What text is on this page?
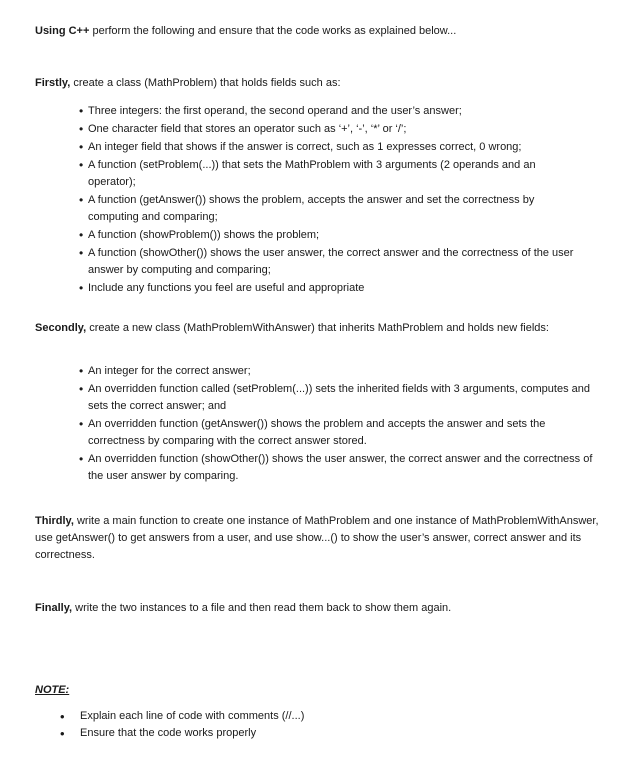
Using C++ perform the following and ensure that the code works as explained below...

Firstly, create a class (MathProblem) that holds fields such as:

• Three integers: the first operand, the second operand and the user’s answer;
• One character field that stores an operator such as ‘+’, ‘-’, ‘*’ or ‘/’;
• An integer field that shows if the answer is correct, such as 1 expresses correct, 0 wrong;
• A function (setProblem(...)) that sets the MathProblem with 3 arguments (2 operands and an operator);
• A function (getAnswer()) shows the problem, accepts the answer and set the correctness by computing and comparing;
• A function (showProblem()) shows the problem;
• A function (showOther()) shows the user answer, the correct answer and the correctness of the user answer by computing and comparing;
• Include any functions you feel are useful and appropriate

Secondly, create a new class (MathProblemWithAnswer) that inherits MathProblem and holds new fields:

• An integer for the correct answer;
• An overridden function called (setProblem(...)) sets the inherited fields with 3 arguments, computes and sets the correct answer; and
• An overridden function (getAnswer()) shows the problem and accepts the answer and sets the correctness by comparing with the correct answer stored.
• An overridden function (showOther()) shows the user answer, the correct answer and the correctness of the user answer by comparing.

Thirdly, write a main function to create one instance of MathProblem and one instance of MathProblemWithAnswer, use getAnswer() to get answers from a user, and use show...() to show the user’s answer, correct answer and its correctness.

Finally, write the two instances to a file and then read them back to show them again.

NOTE:

• Explain each line of code with comments (//...)
• Ensure that the code works properly
